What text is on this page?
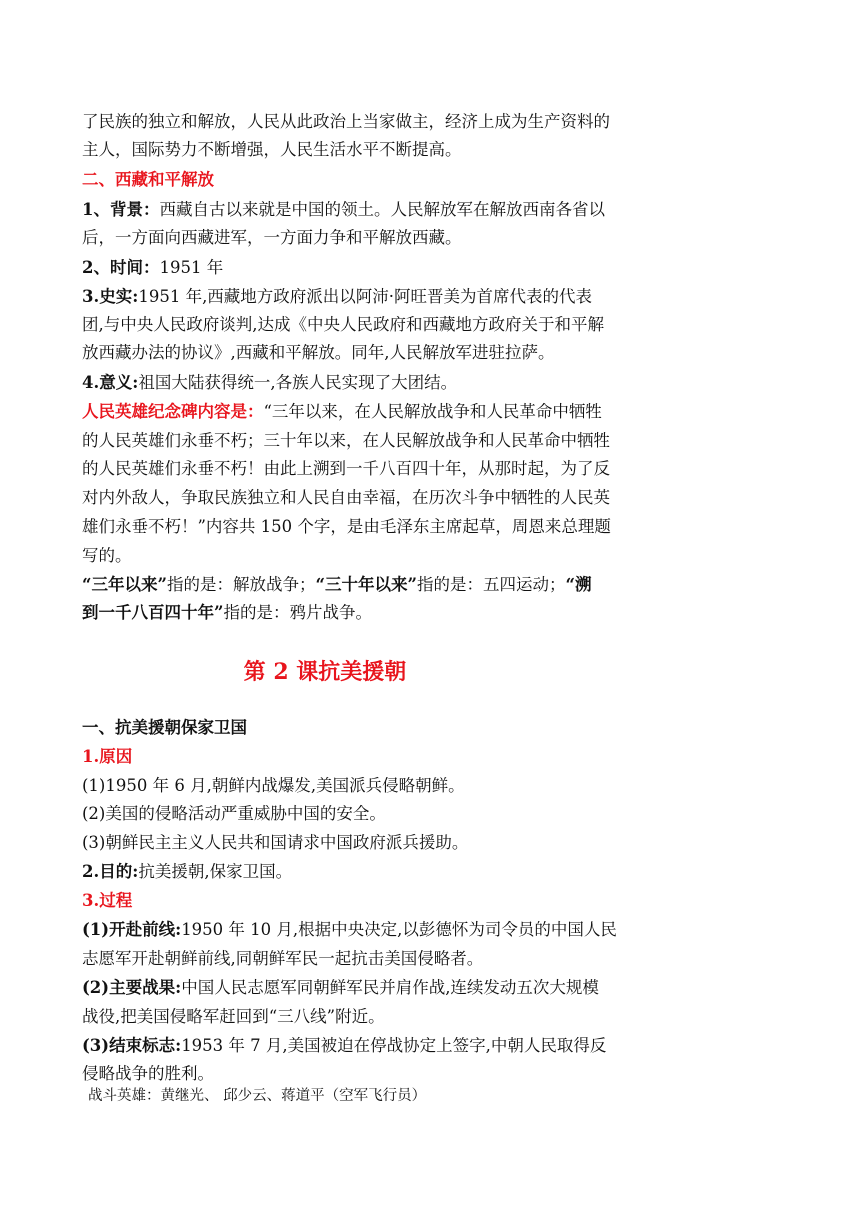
了民族的独立和解放，人民从此政治上当家做主，经济上成为生产资料的
主人，国际势力不断增强，人民生活水平不断提高。
二、西藏和平解放
1、背景：西藏自古以来就是中国的领土。人民解放军在解放西南各省以
后，一方面向西藏进军，一方面力争和平解放西藏。
2、时间：1951 年
3.史实:1951 年,西藏地方政府派出以阿沛·阿旺晋美为首席代表的代表
团,与中央人民政府谈判,达成《中央人民政府和西藏地方政府关于和平解
放西藏办法的协议》,西藏和平解放。同年,人民解放军进驻拉萨。
4.意义:祖国大陆获得统一,各族人民实现了大团结。
人民英雄纪念碑内容是：“三年以来，在人民解放战争和人民革命中牺牲
的人民英雄们永垂不朽；三十年以来，在人民解放战争和人民革命中牺牲
的人民英雄们永垂不朽！由此上溯到一千八百四十年，从那时起，为了反
对内外敌人，争取民族独立和人民自由幸福，在历次斗争中牺牲的人民英
雄们永垂不朽！”内容共 150 个字，是由毛泽东主席起草，周恩来总理题
写的。
“三年以来”指的是：解放战争；“三十年以来”指的是：五四运动；“溯
到一千八百四十年”指的是：鸦片战争。
第 2 课抗美援朝
一、抗美援朝保家卫国
1.原因
(1)1950 年 6 月,朝鲜内战爆发,美国派兵侵略朝鲜。
(2)美国的侵略活动严重威胁中国的安全。
(3)朝鲜民主主义人民共和国请求中国政府派兵援助。
2.目的:抗美援朝,保家卫国。
3.过程
(1)开赴前线:1950 年 10 月,根据中央决定,以彭德怀为司令员的中国人民
志愿军开赴朝鲜前线,同朝鲜军民一起抗击美国侵略者。
(2)主要战果:中国人民志愿军同朝鲜军民并肩作战,连续发动五次大规模
战役,把美国侵略军赶回到“三八线”附近。
(3)结束标志:1953 年 7 月,美国被迫在停战协定上签字,中朝人民取得反
侵略战争的胜利。
战斗英雄：黄继光、 邱少云、蒋道平（空军飞行员）
